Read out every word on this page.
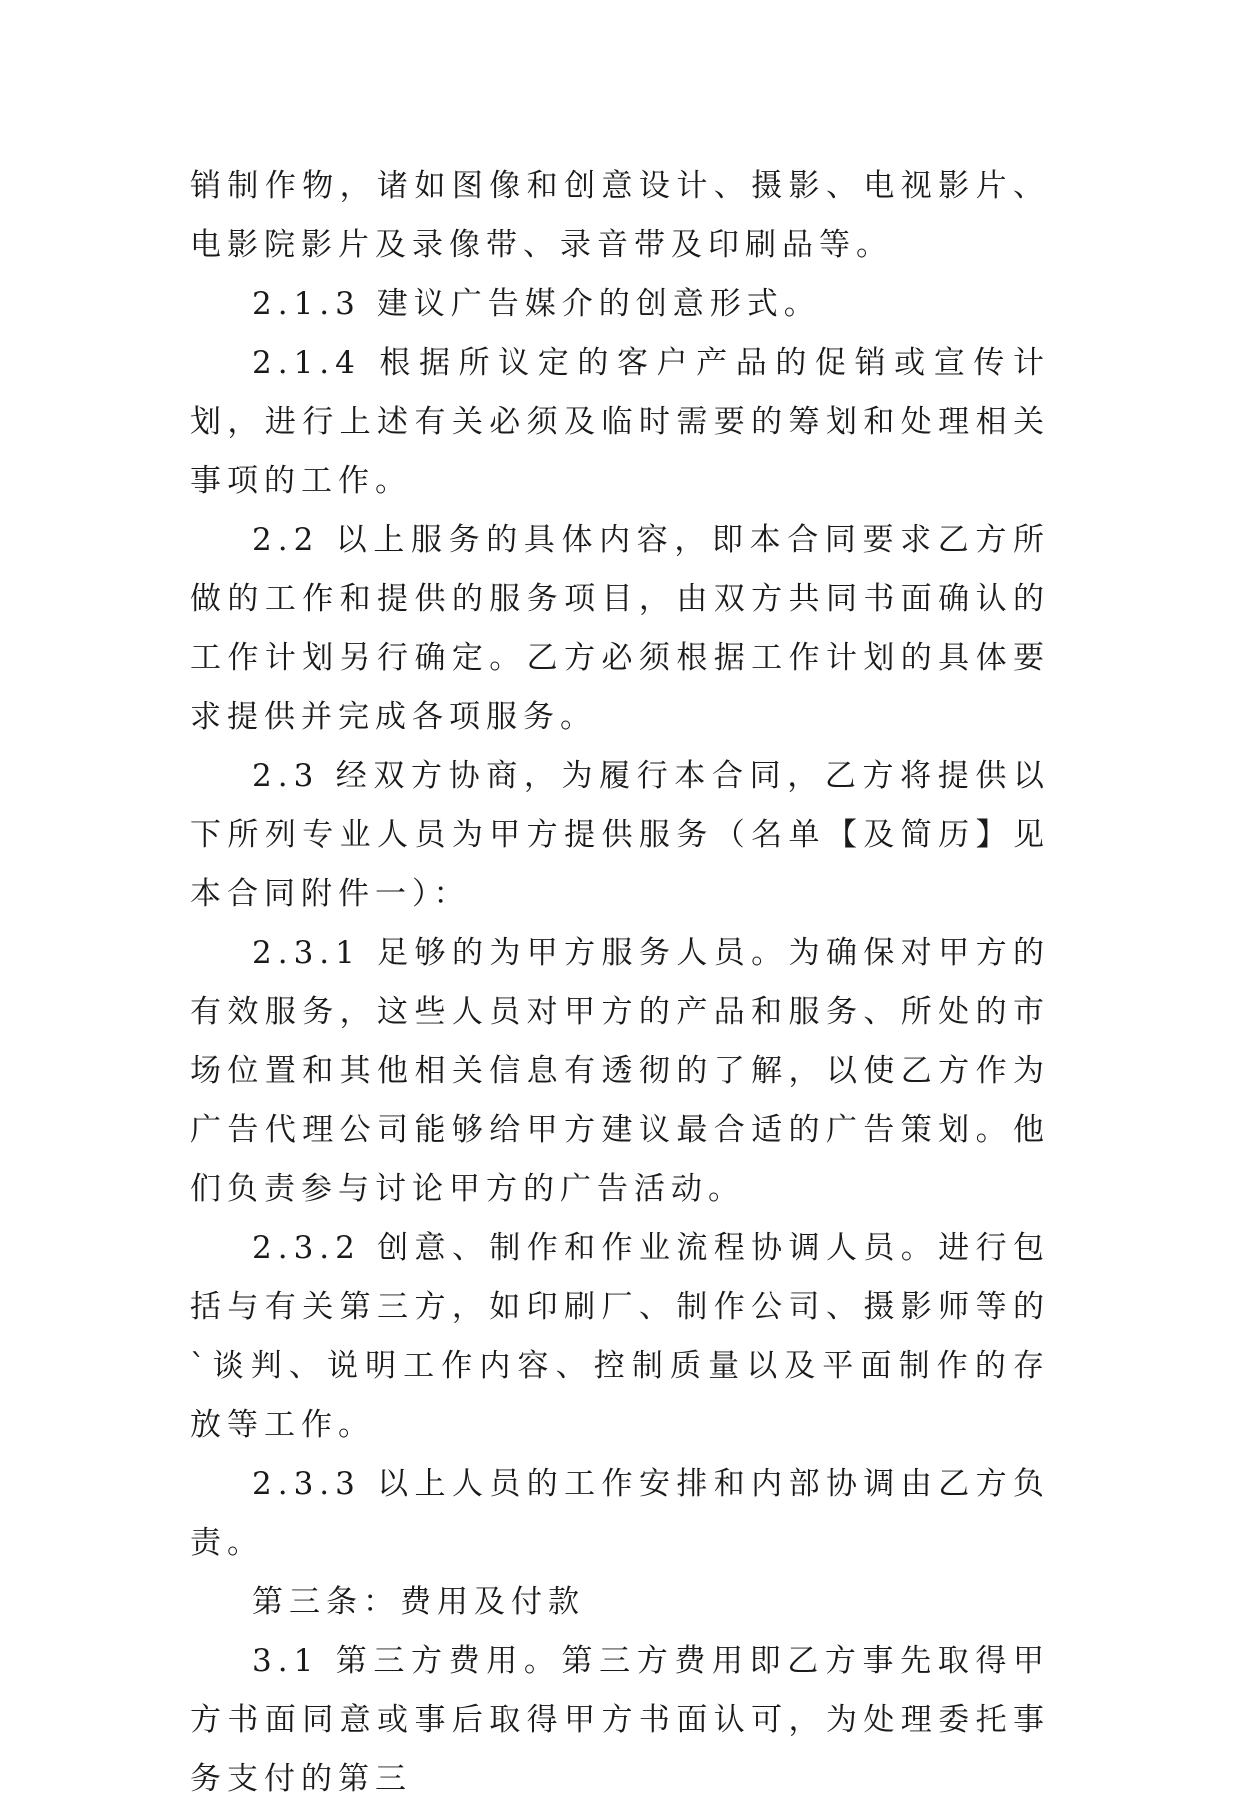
销制作物，诸如图像和创意设计、摄影、电视影片、电影院影片及录像带、录音带及印刷品等。

2.1.3 建议广告媒介的创意形式。

2.1.4 根据所议定的客户产品的促销或宣传计划，进行上述有关必须及临时需要的筹划和处理相关事项的工作。

2.2 以上服务的具体内容，即本合同要求乙方所做的工作和提供的服务项目，由双方共同书面确认的工作计划另行确定。乙方必须根据工作计划的具体要求提供并完成各项服务。

2.3 经双方协商，为履行本合同，乙方将提供以下所列专业人员为甲方提供服务（名单【及简历】见本合同附件一）：

2.3.1 足够的为甲方服务人员。为确保对甲方的有效服务，这些人员对甲方的产品和服务、所处的市场位置和其他相关信息有透彻的了解，以使乙方作为广告代理公司能够给甲方建议最合适的广告策划。他们负责参与讨论甲方的广告活动。

2.3.2 创意、制作和作业流程协调人员。进行包括与有关第三方，如印刷厂、制作公司、摄影师等的`谈判、说明工作内容、控制质量以及平面制作的存放等工作。

2.3.3 以上人员的工作安排和内部协调由乙方负责。

第三条：费用及付款

3.1 第三方费用。第三方费用即乙方事先取得甲方书面同意或事后取得甲方书面认可，为处理委托事务支付的第三
